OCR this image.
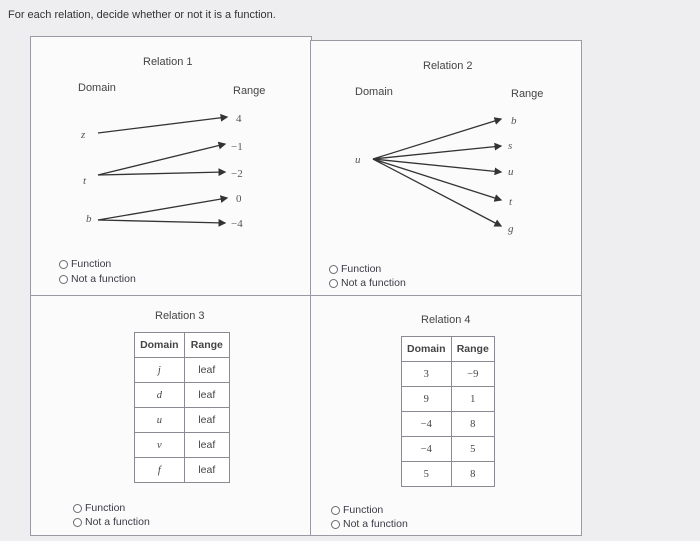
For each relation, decide whether or not it is a function.
Relation 1
Domain	Range
z
t
b
4
−1
−2
0
−4
Function
Not a function
Relation 2
Domain	Range
u
b
s
u
t
g
Function
Not a function
Relation 3
Domain	Range
j	leaf
d	leaf
u	leaf
v	leaf
f	leaf
Function
Not a function
Relation 4
Domain	Range
3	−9
9	1
−4	8
−4	5
5	8
Function
Not a function
